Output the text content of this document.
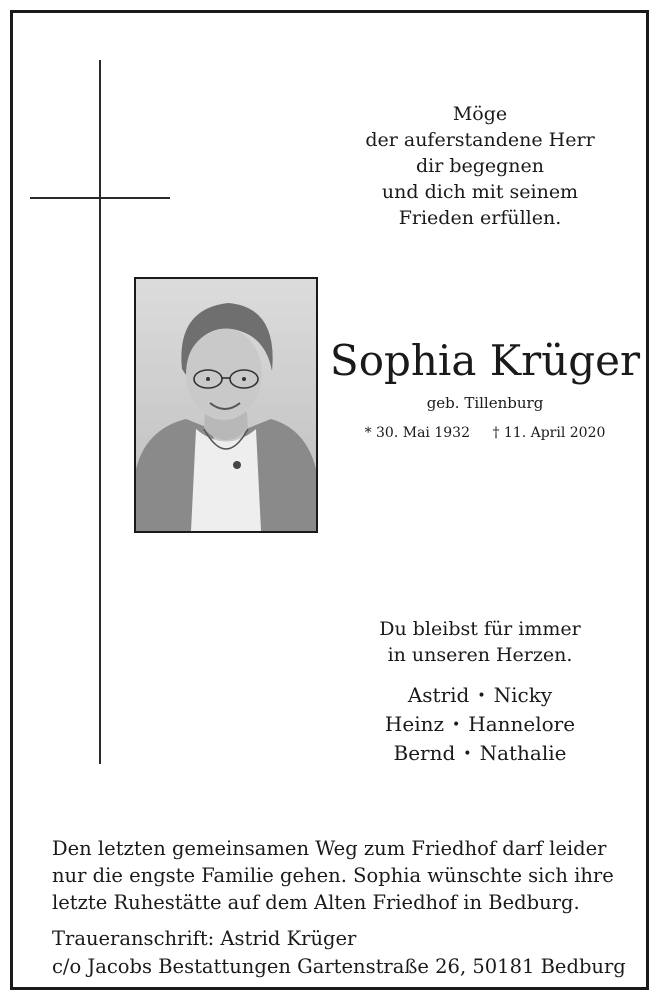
Möge
der auferstandene Herr
dir begegnen
und dich mit seinem
Frieden erfüllen.
Sophia Krüger
geb. Tillenburg
* 30. Mai 1932 † 11. April 2020
Du bleibst für immer
in unseren Herzen.
Astrid • Nicky
Heinz • Hannelore
Bernd • Nathalie
Den letzten gemeinsamen Weg zum Friedhof darf leider
nur die engste Familie gehen. Sophia wünschte sich ihre
letzte Ruhestätte auf dem Alten Friedhof in Bedburg.
Traueranschrift: Astrid Krüger
c/o Jacobs Bestattungen Gartenstraße 26, 50181 Bedburg
